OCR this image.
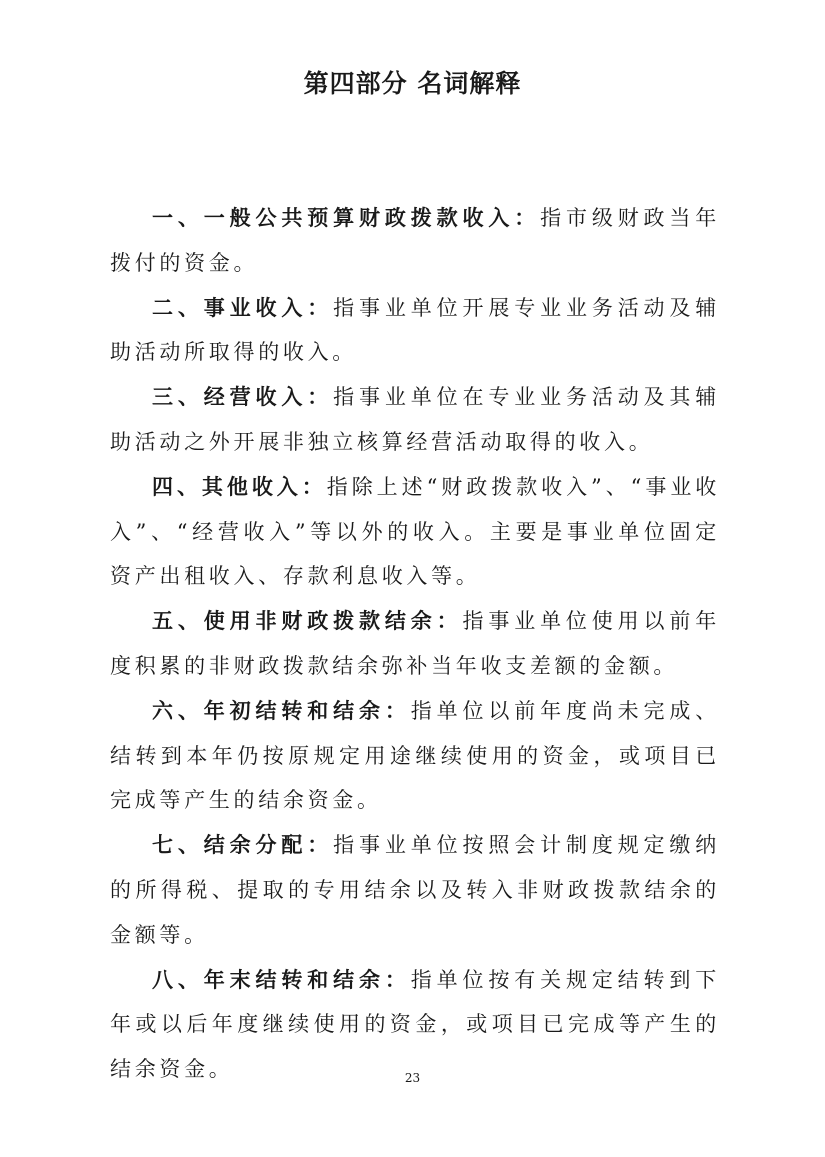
第四部分 名词解释

一、一般公共预算财政拨款收入：指市级财政当年拨付的资金。

二、事业收入：指事业单位开展专业业务活动及辅助活动所取得的收入。

三、经营收入：指事业单位在专业业务活动及其辅助活动之外开展非独立核算经营活动取得的收入。

四、其他收入：指除上述“财政拨款收入”、“事业收入”、“经营收入”等以外的收入。主要是事业单位固定资产出租收入、存款利息收入等。

五、使用非财政拨款结余：指事业单位使用以前年度积累的非财政拨款结余弥补当年收支差额的金额。

六、年初结转和结余：指单位以前年度尚未完成、结转到本年仍按原规定用途继续使用的资金，或项目已完成等产生的结余资金。

七、结余分配：指事业单位按照会计制度规定缴纳的所得税、提取的专用结余以及转入非财政拨款结余的金额等。

八、年末结转和结余：指单位按有关规定结转到下年或以后年度继续使用的资金，或项目已完成等产生的结余资金。	23
